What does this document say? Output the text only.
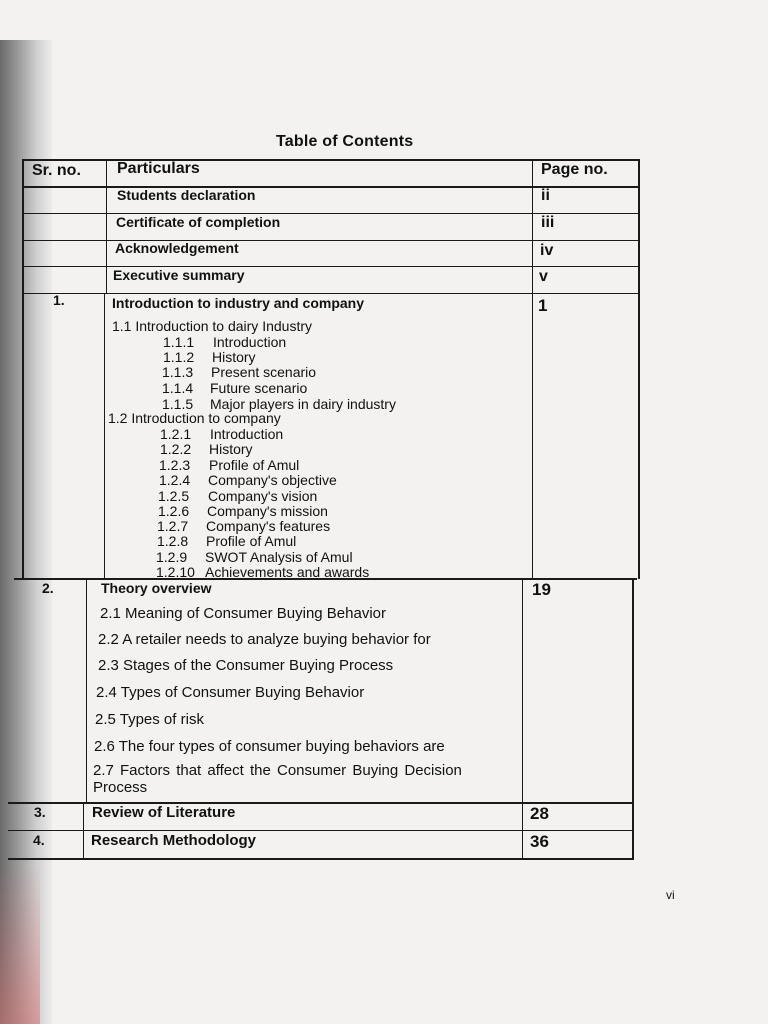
Table of Contents
Sr. no. Particulars	Page no.
Students declaration	ii
Certificate of completion	iii
Acknowledgement	iv
Executive summary	v
1.	Introduction to industry and company	1
1.1 Introduction to dairy Industry
1.1.1 Introduction
1.1.2 History
1.1.3 Present scenario
1.1.4 Future scenario
1.1.5 Major players in dairy industry
1.2 Introduction to company
1.2.1 Introduction
1.2.2 History
1.2.3 Profile of Amul
1.2.4 Company's objective
1.2.5 Company's vision
1.2.6 Company's mission
1.2.7 Company's features
1.2.8 Profile of Amul
1.2.9 SWOT Analysis of Amul
1.2.10 Achievements and awards
2.	Theory overview	19
2.1 Meaning of Consumer Buying Behavior
2.2 A retailer needs to analyze buying behavior for
2.3 Stages of the Consumer Buying Process
2.4 Types of Consumer Buying Behavior
2.5 Types of risk
2.6 The four types of consumer buying behaviors are
2.7 Factors that affect the Consumer Buying Decision
Process
3.	Review of Literature	28
4.	Research Methodology	36
vi
